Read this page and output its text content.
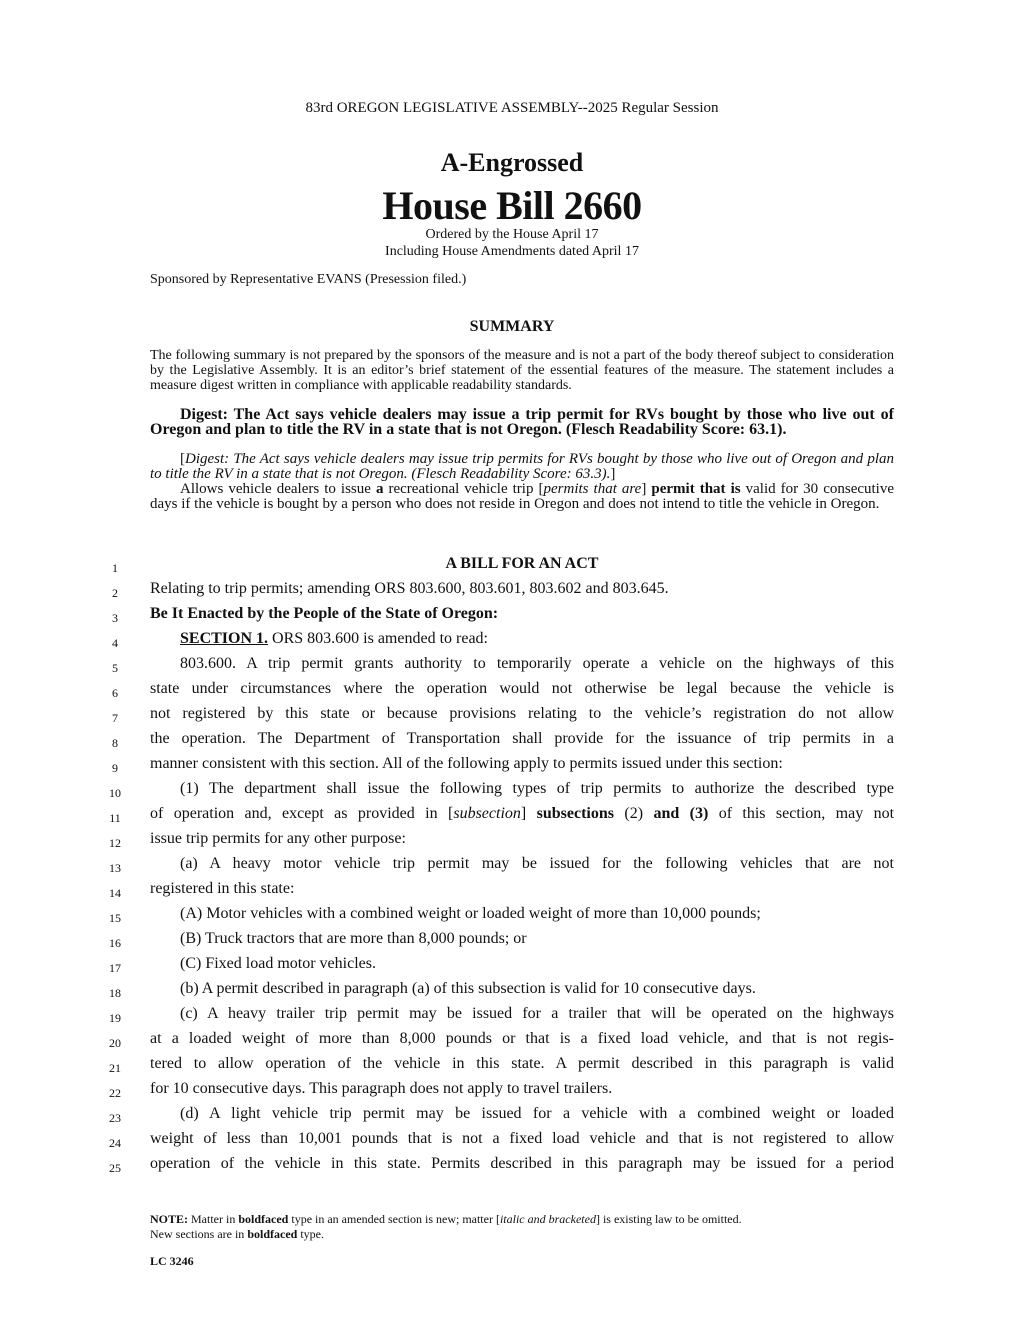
83rd OREGON LEGISLATIVE ASSEMBLY--2025 Regular Session
A-Engrossed
House Bill 2660
Ordered by the House April 17
Including House Amendments dated April 17
Sponsored by Representative EVANS (Presession filed.)
SUMMARY
The following summary is not prepared by the sponsors of the measure and is not a part of the body thereof subject to consideration by the Legislative Assembly. It is an editor’s brief statement of the essential features of the measure. The statement includes a measure digest written in compliance with applicable readability standards.
Digest: The Act says vehicle dealers may issue a trip permit for RVs bought by those who live out of Oregon and plan to title the RV in a state that is not Oregon. (Flesch Readability Score: 63.1).
[Digest: The Act says vehicle dealers may issue trip permits for RVs bought by those who live out of Oregon and plan to title the RV in a state that is not Oregon. (Flesch Readability Score: 63.3).]
Allows vehicle dealers to issue a recreational vehicle trip [permits that are] permit that is valid for 30 consecutive days if the vehicle is bought by a person who does not reside in Oregon and does not intend to title the vehicle in Oregon.
1
2
3
4
5
6
7
8
9
10
11
12
13
14
15
16
17
18
19
20
21
22
23
24
25
A BILL FOR AN ACT
Relating to trip permits; amending ORS 803.600, 803.601, 803.602 and 803.645.
Be It Enacted by the People of the State of Oregon:
SECTION 1. ORS 803.600 is amended to read:
803.600. A trip permit grants authority to temporarily operate a vehicle on the highways of this
state under circumstances where the operation would not otherwise be legal because the vehicle is
not registered by this state or because provisions relating to the vehicle’s registration do not allow
the operation. The Department of Transportation shall provide for the issuance of trip permits in a
manner consistent with this section. All of the following apply to permits issued under this section:
(1) The department shall issue the following types of trip permits to authorize the described type
of operation and, except as provided in [subsection] subsections (2) and (3) of this section, may not
issue trip permits for any other purpose:
(a) A heavy motor vehicle trip permit may be issued for the following vehicles that are not
registered in this state:
(A) Motor vehicles with a combined weight or loaded weight of more than 10,000 pounds;
(B) Truck tractors that are more than 8,000 pounds; or
(C) Fixed load motor vehicles.
(b) A permit described in paragraph (a) of this subsection is valid for 10 consecutive days.
(c) A heavy trailer trip permit may be issued for a trailer that will be operated on the highways
at a loaded weight of more than 8,000 pounds or that is a fixed load vehicle, and that is not regis-
tered to allow operation of the vehicle in this state. A permit described in this paragraph is valid
for 10 consecutive days. This paragraph does not apply to travel trailers.
(d) A light vehicle trip permit may be issued for a vehicle with a combined weight or loaded
weight of less than 10,001 pounds that is not a fixed load vehicle and that is not registered to allow
operation of the vehicle in this state. Permits described in this paragraph may be issued for a period
NOTE: Matter in boldfaced type in an amended section is new; matter [italic and bracketed] is existing law to be omitted.
New sections are in boldfaced type.
LC 3246
